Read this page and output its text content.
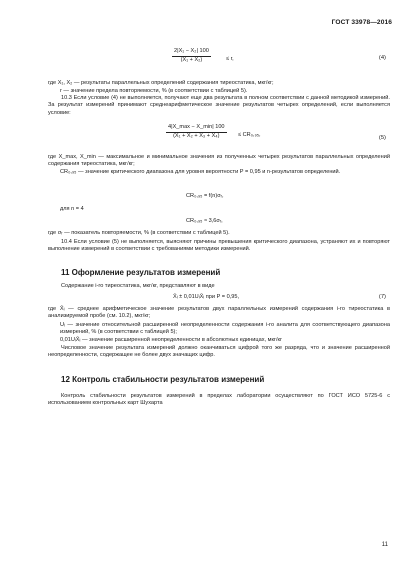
ГОСТ 33978—2016
2|X₁ − X₂| 100
(X₁ + X₂)	≤ r,	(4)
где X₁, X₂ — результаты параллельных определений содержания тиреостатика, мкг/кг;
r — значение предела повторяемости, % (в соответствии с таблицей 5).
10.3 Если условие (4) не выполняется, получают еще два результата в полном соответствии с данной методикой измерений. За результат измерений принимают среднеарифметическое значение результатов четырех определений, если выполняется условие:
4|X_max − X_min| 100
(X₁ + X₂ + X₃ + X₄)	≤ CR₀,₉₅,	(5)
где X_max, X_min — максимальное и минимальное значения из полученных четырех результатов параллельных определений содержания тиреостатика, мкг/кг;
CR₀,₉₅ — значение критического диапазона для уровня вероятности P = 0,95 и n-результатов определений.
CR₀,₉₅ = f(n)σᵣ,
для n = 4
CR₀,₉₅ ≈ 3,6σᵣ,
где σᵣ — показатель повторяемости, % (в соответствии с таблицей 5).
10.4 Если условие (5) не выполняется, выясняют причины превышения критического диапазона, устраняют их и повторяют выполнение измерений в соответствии с требованиями методики измерений.
11 Оформление результатов измерений
Содержание i-го тиреостатика, мкг/кг, представляют в виде
X̄ᵢ ± 0,01UᵢX̄ᵢ при P = 0,95,	(7)
где X̄ᵢ — среднее арифметическое значение результатов двух параллельных измерений содержания i-го тиреостатика в анализируемой пробе (см. 10.2), мкг/кг;
Uᵢ — значение относительной расширенной неопределенности содержания i-го аналита для соответствующего диапазона измерений, % (в соответствии с таблицей 5);
0,01UᵢX̄ᵢ — значение расширенной неопределенности в абсолютных единицах, мкг/кг
Числовое значение результата измерений должно оканчиваться цифрой того же разряда, что и значение расширенной неопределенности, содержащее не более двух значащих цифр.
12 Контроль стабильности результатов измерений
Контроль стабильности результатов измерений в пределах лаборатории осуществляют по ГОСТ ИСО 5725-6 с использованием контрольных карт Шухарта
11
